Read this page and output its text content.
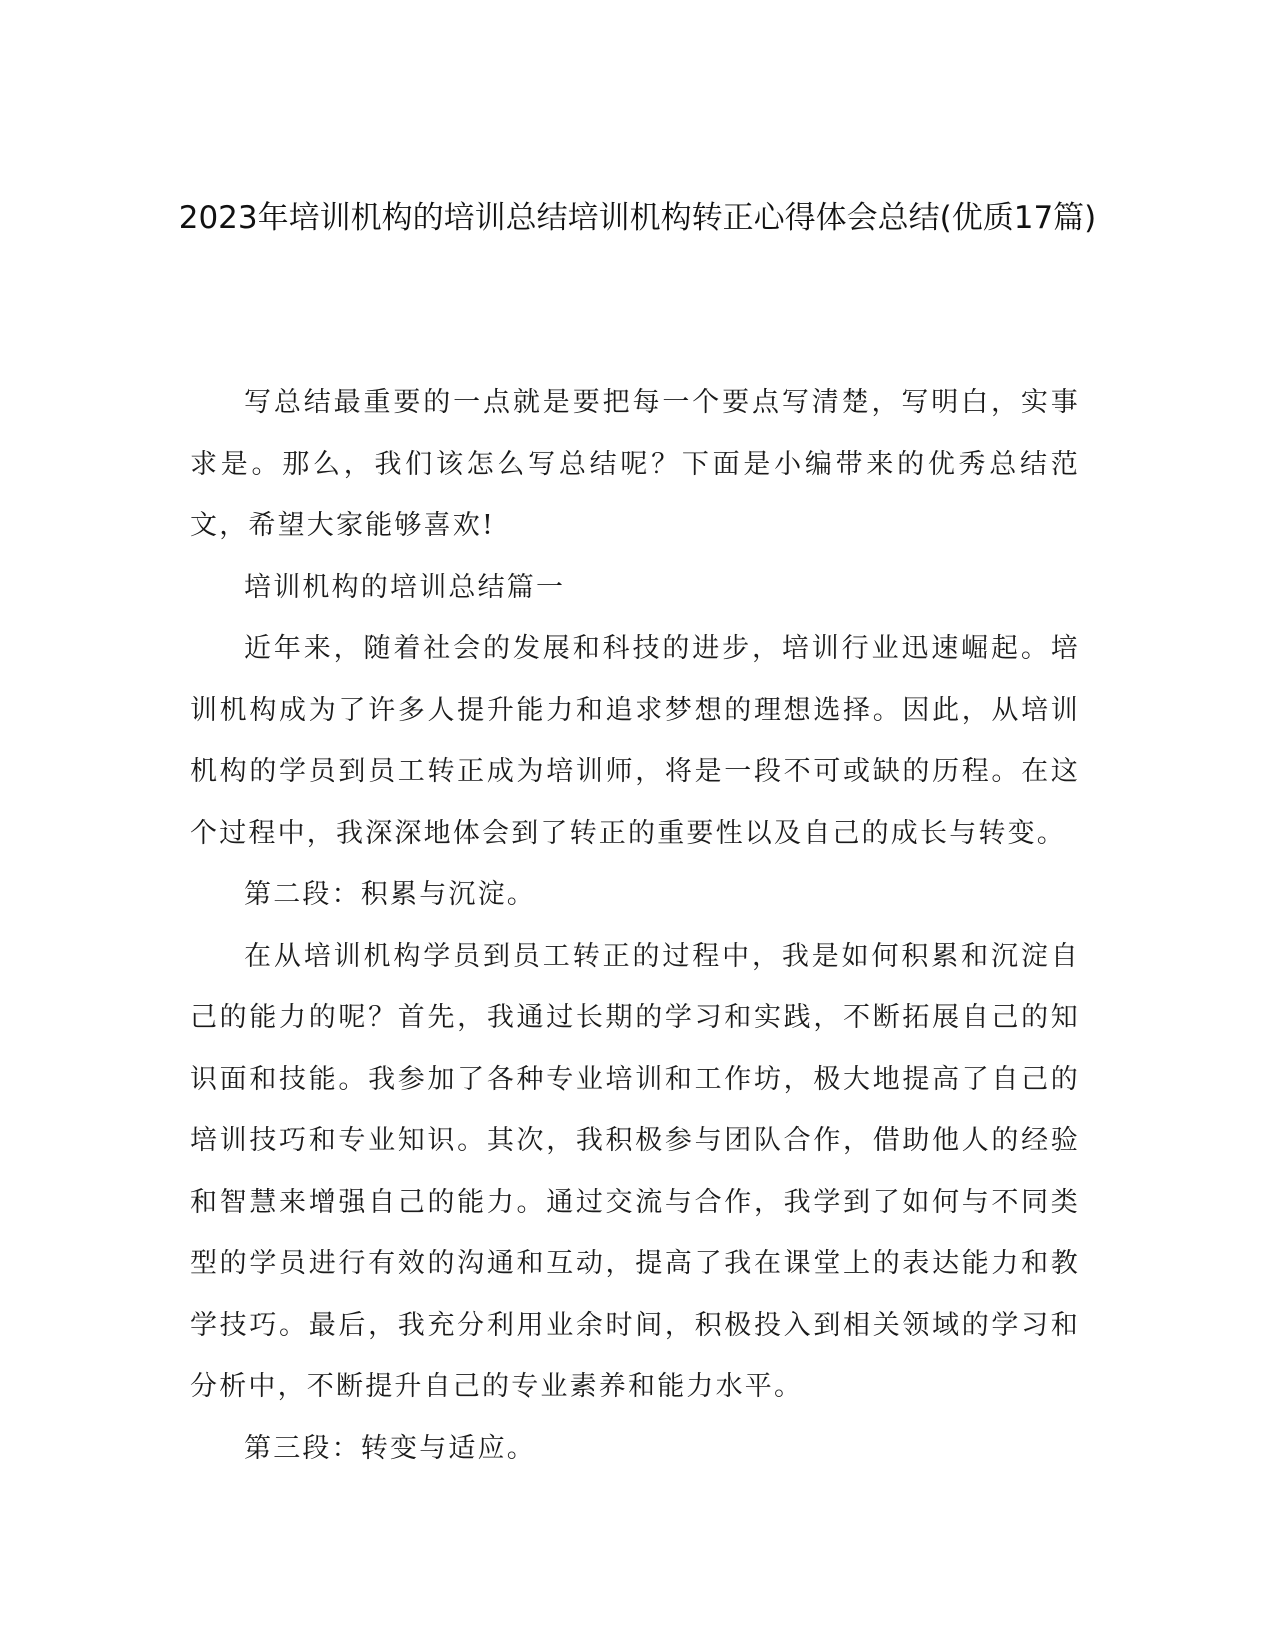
2023年培训机构的培训总结培训机构转正心得体会总结(优质17篇)

写总结最重要的一点就是要把每一个要点写清楚，写明白，实事求是。那么，我们该怎么写总结呢？下面是小编带来的优秀总结范文，希望大家能够喜欢!

培训机构的培训总结篇一

近年来，随着社会的发展和科技的进步，培训行业迅速崛起。培训机构成为了许多人提升能力和追求梦想的理想选择。因此，从培训机构的学员到员工转正成为培训师，将是一段不可或缺的历程。在这个过程中，我深深地体会到了转正的重要性以及自己的成长与转变。

第二段：积累与沉淀。

在从培训机构学员到员工转正的过程中，我是如何积累和沉淀自己的能力的呢？首先，我通过长期的学习和实践，不断拓展自己的知识面和技能。我参加了各种专业培训和工作坊，极大地提高了自己的培训技巧和专业知识。其次，我积极参与团队合作，借助他人的经验和智慧来增强自己的能力。通过交流与合作，我学到了如何与不同类型的学员进行有效的沟通和互动，提高了我在课堂上的表达能力和教学技巧。最后，我充分利用业余时间，积极投入到相关领域的学习和分析中，不断提升自己的专业素养和能力水平。

第三段：转变与适应。
